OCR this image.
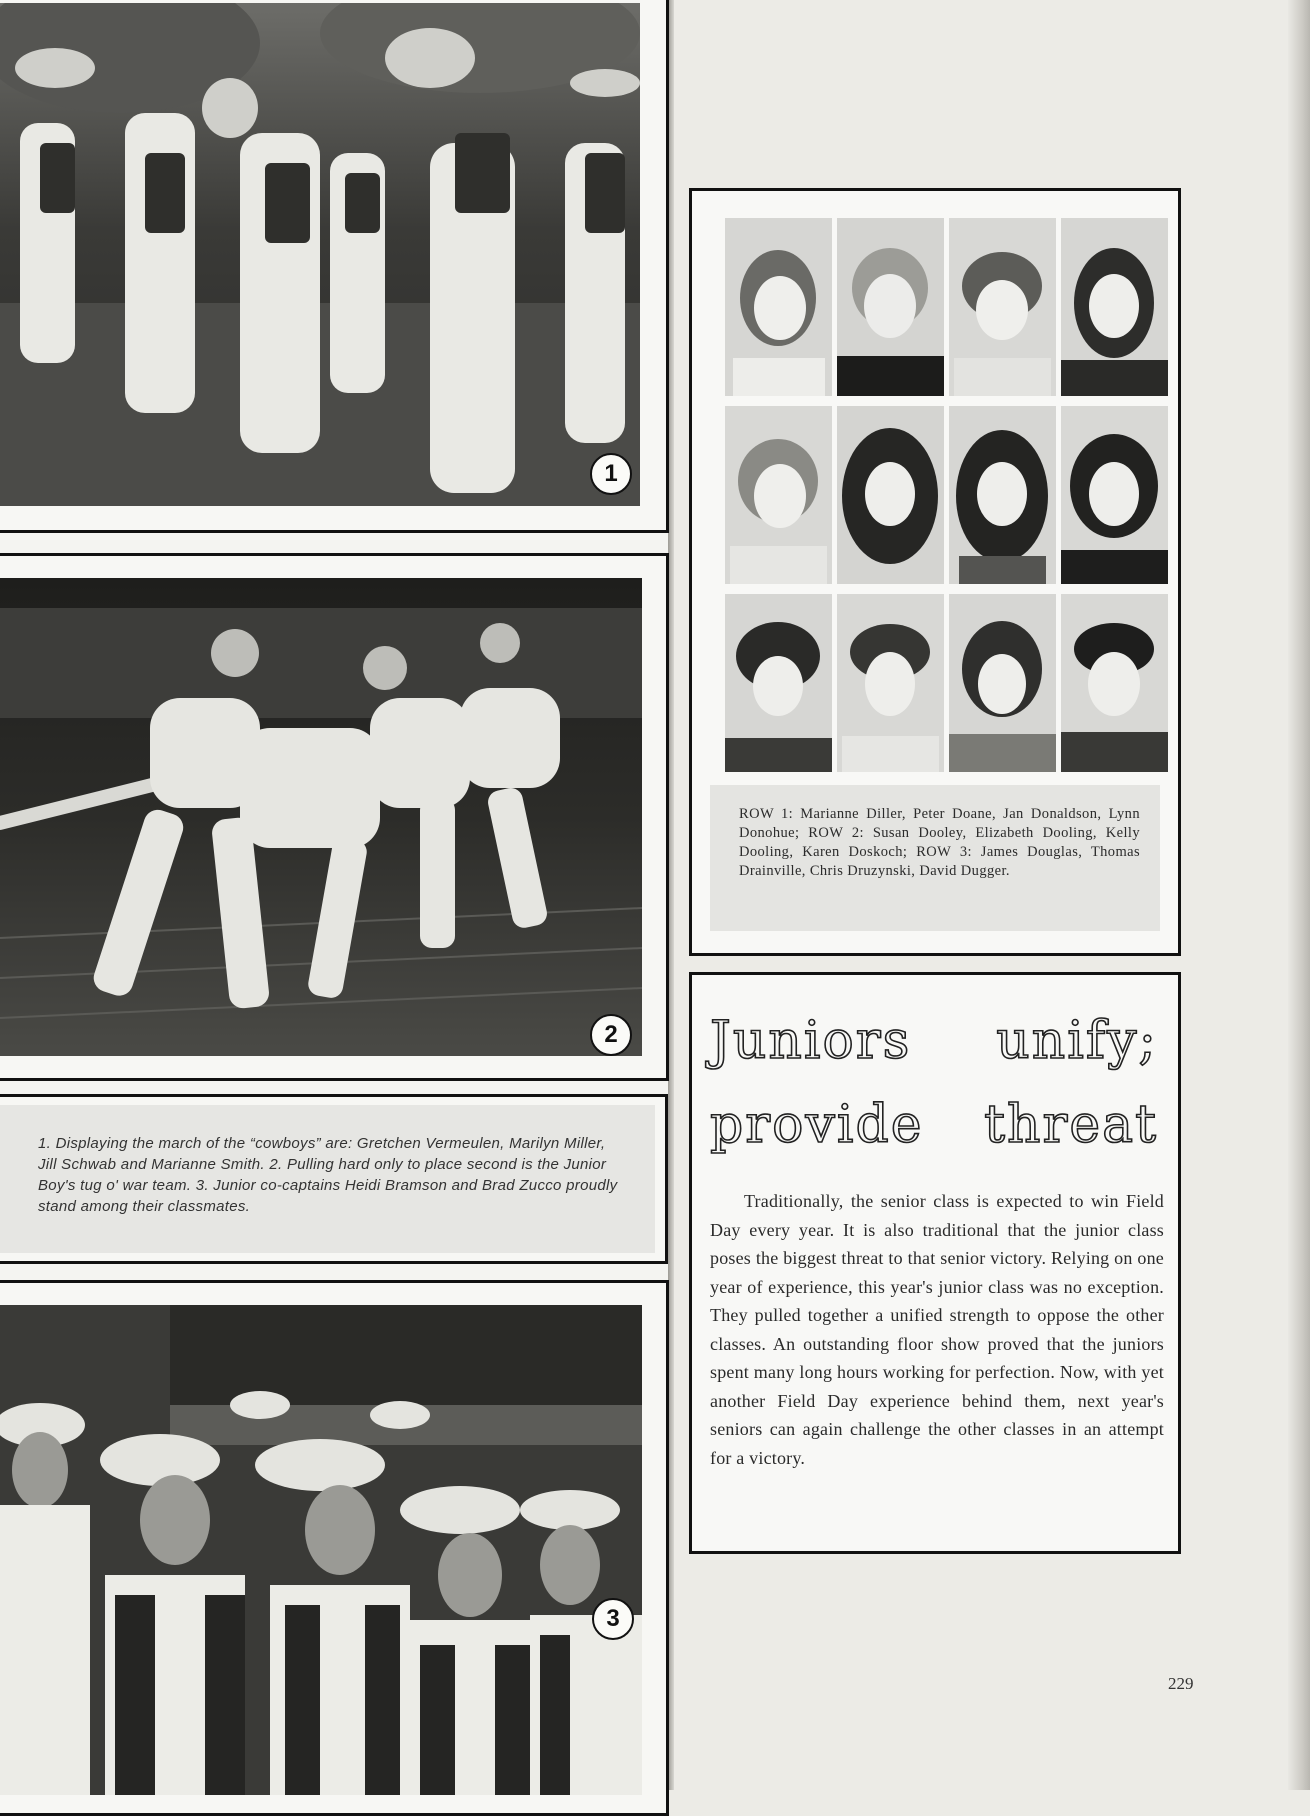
1
2
1. Displaying the march of the “cowboys” are: Gretchen Vermeulen, Marilyn Miller, Jill Schwab and Marianne Smith. 2. Pulling hard only to place second is the Junior Boy's tug o' war team. 3. Junior co-captains Heidi Bramson and Brad Zucco proudly stand among their classmates.
3
ROW 1: Marianne Diller, Peter Doane, Jan Donaldson, Lynn Donohue; ROW 2: Susan Dooley, Elizabeth Dooling, Kelly Dooling, Karen Doskoch; ROW 3: James Douglas, Thomas Drainville, Chris Druzynski, David Dugger.
Juniors unify;
provide threat
Traditionally, the senior class is expected to win Field Day every year. It is also traditional that the junior class poses the biggest threat to that senior victory. Relying on one year of experience, this year's junior class was no exception. They pulled together a unified strength to oppose the other classes. An outstanding floor show proved that the juniors spent many long hours working for perfection. Now, with yet another Field Day experience behind them, next year's seniors can again challenge the other classes in an attempt for a victory.
229
